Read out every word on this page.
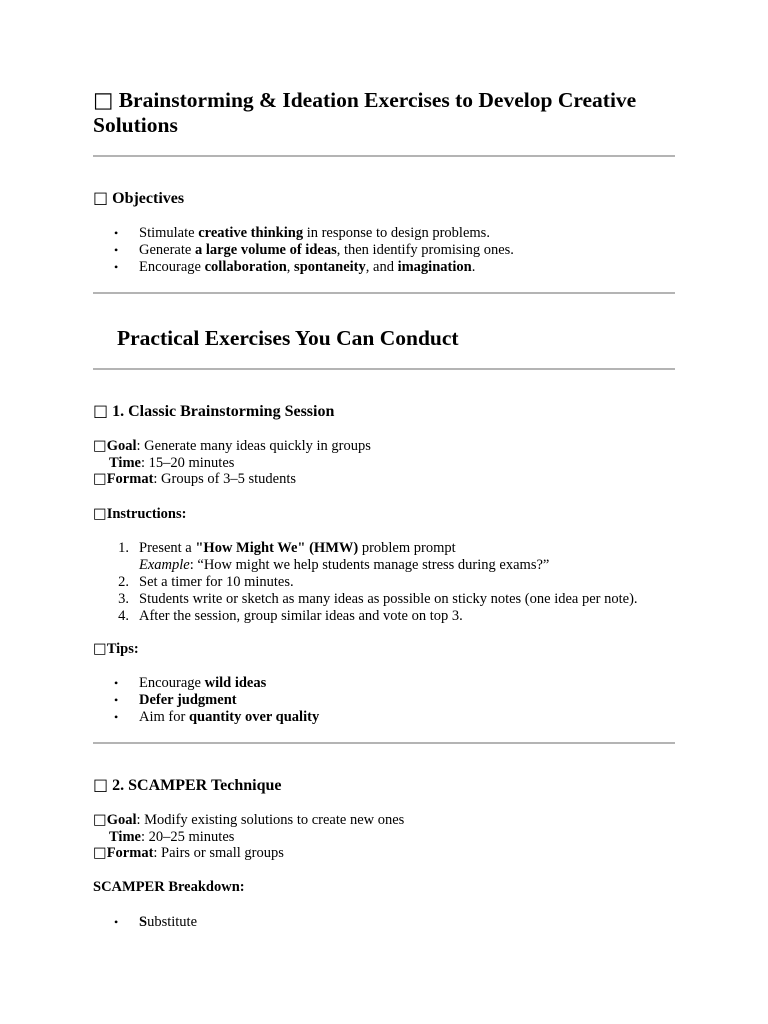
□ Brainstorming & Ideation Exercises to Develop Creative Solutions
□ Objectives
• Stimulate creative thinking in response to design problems.
• Generate a large volume of ideas, then identify promising ones.
• Encourage collaboration, spontaneity, and imagination.
Practical Exercises You Can Conduct
□ 1. Classic Brainstorming Session
□Goal: Generate many ideas quickly in groups
Time: 15–20 minutes
□Format: Groups of 3–5 students
□Instructions:
1. Present a "How Might We" (HMW) problem prompt
Example: “How might we help students manage stress during exams?”
2. Set a timer for 10 minutes.
3. Students write or sketch as many ideas as possible on sticky notes (one idea per note).
4. After the session, group similar ideas and vote on top 3.
□Tips:
• Encourage wild ideas
• Defer judgment
• Aim for quantity over quality
□ 2. SCAMPER Technique
□Goal: Modify existing solutions to create new ones
Time: 20–25 minutes
□Format: Pairs or small groups
SCAMPER Breakdown:
• Substitute
